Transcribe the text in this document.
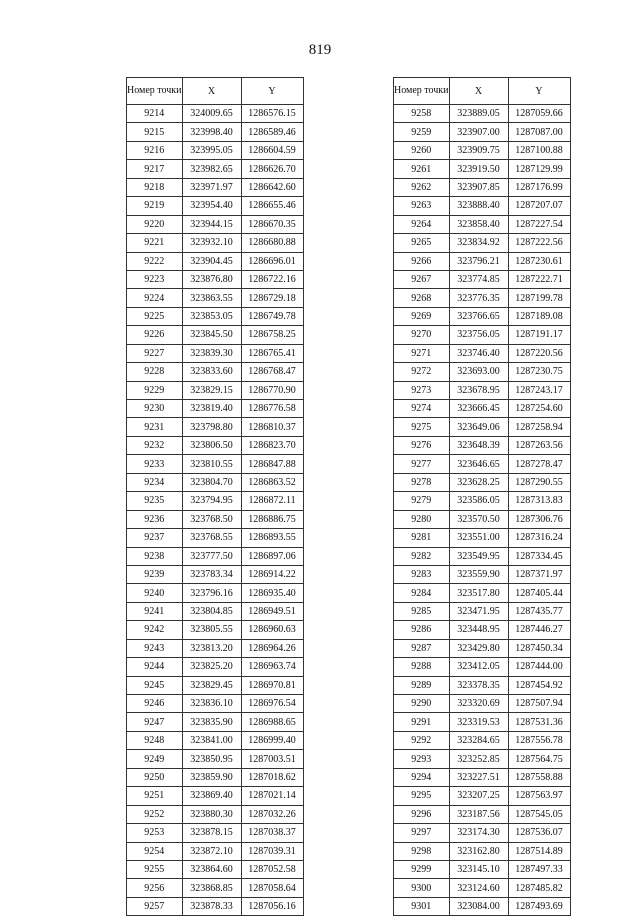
819
Номер точки	X	Y
9214	324009.65	1286576.15
9215	323998.40	1286589.46
9216	323995.05	1286604.59
9217	323982.65	1286626.70
9218	323971.97	1286642.60
9219	323954.40	1286655.46
9220	323944.15	1286670.35
9221	323932.10	1286680.88
9222	323904.45	1286696.01
9223	323876.80	1286722.16
9224	323863.55	1286729.18
9225	323853.05	1286749.78
9226	323845.50	1286758.25
9227	323839.30	1286765.41
9228	323833.60	1286768.47
9229	323829.15	1286770.90
9230	323819.40	1286776.58
9231	323798.80	1286810.37
9232	323806.50	1286823.70
9233	323810.55	1286847.88
9234	323804.70	1286863.52
9235	323794.95	1286872.11
9236	323768.50	1286886.75
9237	323768.55	1286893.55
9238	323777.50	1286897.06
9239	323783.34	1286914.22
9240	323796.16	1286935.40
9241	323804.85	1286949.51
9242	323805.55	1286960.63
9243	323813.20	1286964.26
9244	323825.20	1286963.74
9245	323829.45	1286970.81
9246	323836.10	1286976.54
9247	323835.90	1286988.65
9248	323841.00	1286999.40
9249	323850.95	1287003.51
9250	323859.90	1287018.62
9251	323869.40	1287021.14
9252	323880.30	1287032.26
9253	323878.15	1287038.37
9254	323872.10	1287039.31
9255	323864.60	1287052.58
9256	323868.85	1287058.64
9257	323878.33	1287056.16
Номер точки	X	Y
9258	323889.05	1287059.66
9259	323907.00	1287087.00
9260	323909.75	1287100.88
9261	323919.50	1287129.99
9262	323907.85	1287176.99
9263	323888.40	1287207.07
9264	323858.40	1287227.54
9265	323834.92	1287222.56
9266	323796.21	1287230.61
9267	323774.85	1287222.71
9268	323776.35	1287199.78
9269	323766.65	1287189.08
9270	323756.05	1287191.17
9271	323746.40	1287220.56
9272	323693.00	1287230.75
9273	323678.95	1287243.17
9274	323666.45	1287254.60
9275	323649.06	1287258.94
9276	323648.39	1287263.56
9277	323646.65	1287278.47
9278	323628.25	1287290.55
9279	323586.05	1287313.83
9280	323570.50	1287306.76
9281	323551.00	1287316.24
9282	323549.95	1287334.45
9283	323559.90	1287371.97
9284	323517.80	1287405.44
9285	323471.95	1287435.77
9286	323448.95	1287446.27
9287	323429.80	1287450.34
9288	323412.05	1287444.00
9289	323378.35	1287454.92
9290	323320.69	1287507.94
9291	323319.53	1287531.36
9292	323284.65	1287556.78
9293	323252.85	1287564.75
9294	323227.51	1287558.88
9295	323207.25	1287563.97
9296	323187.56	1287545.05
9297	323174.30	1287536.07
9298	323162.80	1287514.89
9299	323145.10	1287497.33
9300	323124.60	1287485.82
9301	323084.00	1287493.69
